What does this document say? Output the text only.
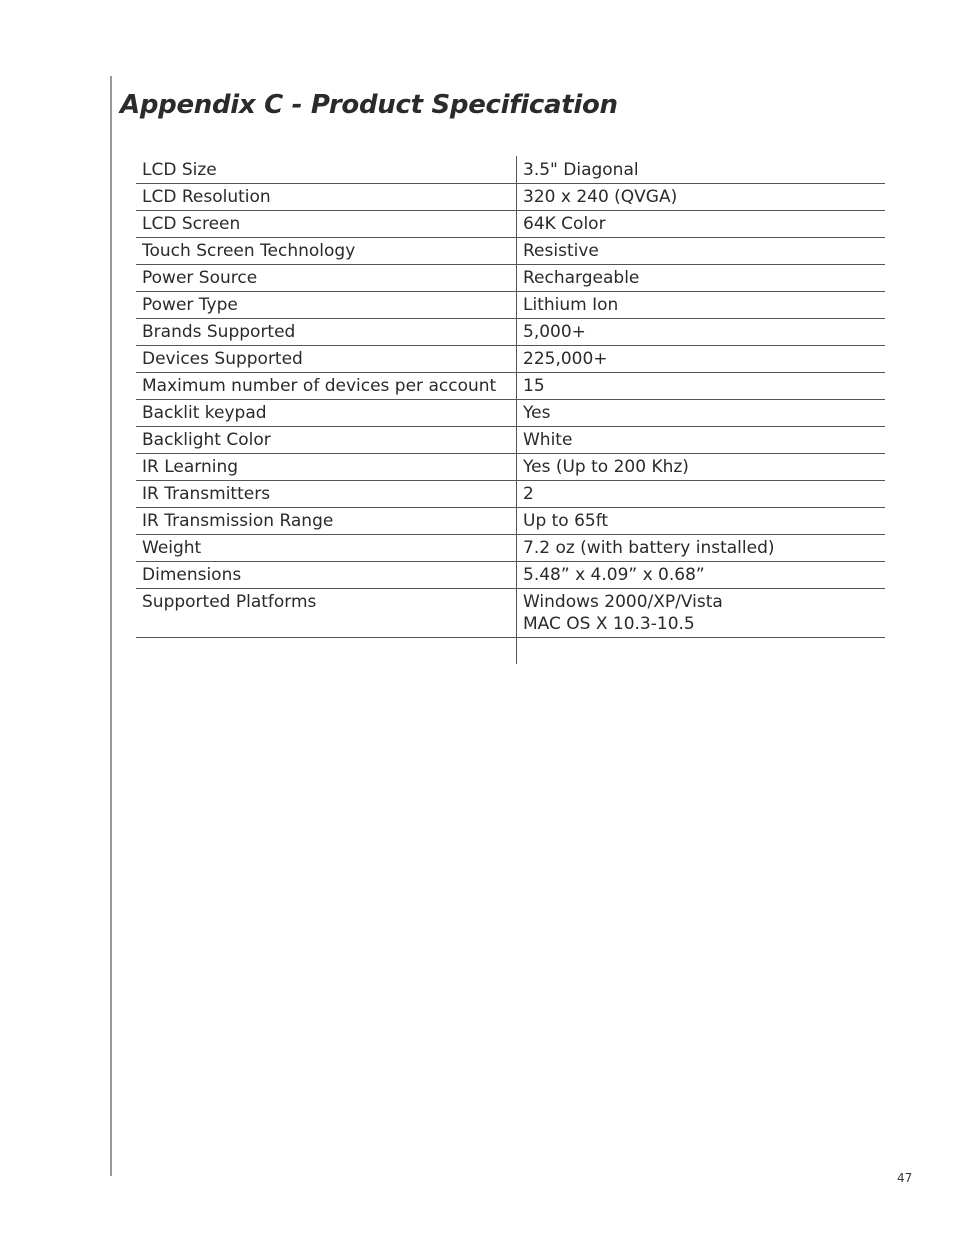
Appendix C - Product Specification
LCD Size	3.5" Diagonal
LCD Resolution	320 x 240 (QVGA)
LCD Screen	64K Color
Touch Screen Technology	Resistive
Power Source	Rechargeable
Power Type	Lithium Ion
Brands Supported	5,000+
Devices Supported	225,000+
Maximum number of devices per account	15
Backlit keypad	Yes
Backlight Color	White
IR Learning	Yes (Up to 200 Khz)
IR Transmitters	2
IR Transmission Range	Up to 65ft
Weight	7.2 oz (with battery installed)
Dimensions	5.48” x 4.09” x 0.68”
Supported Platforms	Windows 2000/XP/Vista
MAC OS X 10.3-10.5

47
